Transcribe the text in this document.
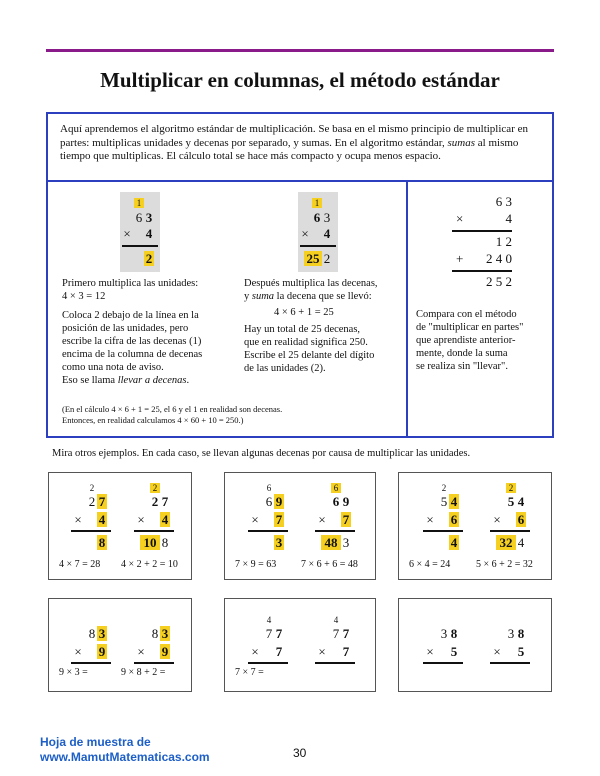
Multiplicar en columnas, el método estándar
Aquí aprendemos el algoritmo estándar de multiplicación. Se basa en el mismo principio de multiplicar en partes: multiplicas unidades y decenas por separado, y sumas. En el algoritmo estándar, sumas al mismo tiempo que multiplicas. El cálculo total se hace más compacto y ocupa menos espacio.
1
6 3
× 4
2
Primero multiplica las unidades:
4 × 3 = 12
Coloca 2 debajo de la línea en la
posición de las unidades, pero
escribe la cifra de las decenas (1)
encima de la columna de decenas
como una nota de aviso.
Eso se llama llevar a decenas.
1
6 3
× 4
25 2
Después multiplica las decenas,
y suma la decena que se llevó:
4 × 6 + 1 = 25
Hay un total de 25 decenas,
que en realidad significa 250.
Escribe el 25 delante del dígito
de las unidades (2).
6 3
×	4
1 2
+ 2 4 0
2 5 2
Compara con el método
de "multiplicar en partes"
que aprendiste anterior-
mente, donde la suma
se realiza sin "llevar".
(En el cálculo 4 × 6 + 1 = 25, el 6 y el 1 en realidad son decenas.
Entonces, en realidad calculamos 4 × 60 + 10 = 250.)
Mira otros ejemplos. En cada caso, se llevan algunas decenas por causa de multiplicar las unidades.
2
2 7
× 4
8
4 × 7 = 28
2
2 7
× 4
10 8
4 × 2 + 2 = 10
6
6 9
× 7
3
7 × 9 = 63
6
6 9
× 7
48 3
7 × 6 + 6 = 48
2
5 4
× 6
4
6 × 4 = 24
2
5 4
× 6
32 4
5 × 6 + 2 = 32
8 3
× 9
9 × 3 =
8 3
× 9
9 × 8 + 2 =
4
7 7
× 7
7 × 7 =
4
7 7
× 7
3 8
× 5
3 8
× 5
Hoja de muestra de
www.MamutMatematicas.com	30
